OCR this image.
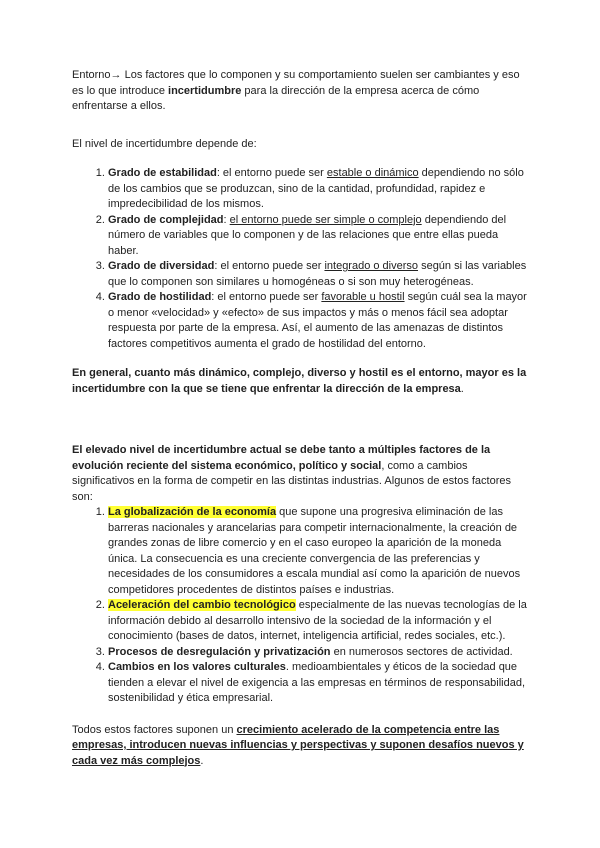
Entorno→ Los factores que lo componen y su comportamiento suelen ser cambiantes y eso es lo que introduce incertidumbre para la dirección de la empresa acerca de cómo enfrentarse a ellos.

El nivel de incertidumbre depende de:

1. Grado de estabilidad: el entorno puede ser estable o dinámico dependiendo no sólo de los cambios que se produzcan, sino de la cantidad, profundidad, rapidez e impredecibilidad de los mismos.
2. Grado de complejidad: el entorno puede ser simple o complejo dependiendo del número de variables que lo componen y de las relaciones que entre ellas pueda haber.
3. Grado de diversidad: el entorno puede ser integrado o diverso según si las variables que lo componen son similares u homogéneas o si son muy heterogéneas.
4. Grado de hostilidad: el entorno puede ser favorable u hostil según cuál sea la mayor o menor «velocidad» y «efecto» de sus impactos y más o menos fácil sea adoptar respuesta por parte de la empresa. Así, el aumento de las amenazas de distintos factores competitivos aumenta el grado de hostilidad del entorno.

En general, cuanto más dinámico, complejo, diverso y hostil es el entorno, mayor es la incertidumbre con la que se tiene que enfrentar la dirección de la empresa.

El elevado nivel de incertidumbre actual se debe tanto a múltiples factores de la evolución reciente del sistema económico, político y social, como a cambios significativos en la forma de competir en las distintas industrias. Algunos de estos factores son:

1. La globalización de la economía que supone una progresiva eliminación de las barreras nacionales y arancelarias para competir internacionalmente, la creación de grandes zonas de libre comercio y en el caso europeo la aparición de la moneda única. La consecuencia es una creciente convergencia de las preferencias y necesidades de los consumidores a escala mundial así como la aparición de nuevos competidores procedentes de distintos países e industrias.
2. Aceleración del cambio tecnológico especialmente de las nuevas tecnologías de la información debido al desarrollo intensivo de la sociedad de la información y el conocimiento (bases de datos, internet, inteligencia artificial, redes sociales, etc.).
3. Procesos de desregulación y privatización en numerosos sectores de actividad.
4. Cambios en los valores culturales. medioambientales y éticos de la sociedad que tienden a elevar el nivel de exigencia a las empresas en términos de responsabilidad, sostenibilidad y ética empresarial.

Todos estos factores suponen un crecimiento acelerado de la competencia entre las empresas, introducen nuevas influencias y perspectivas y suponen desafíos nuevos y cada vez más complejos.
